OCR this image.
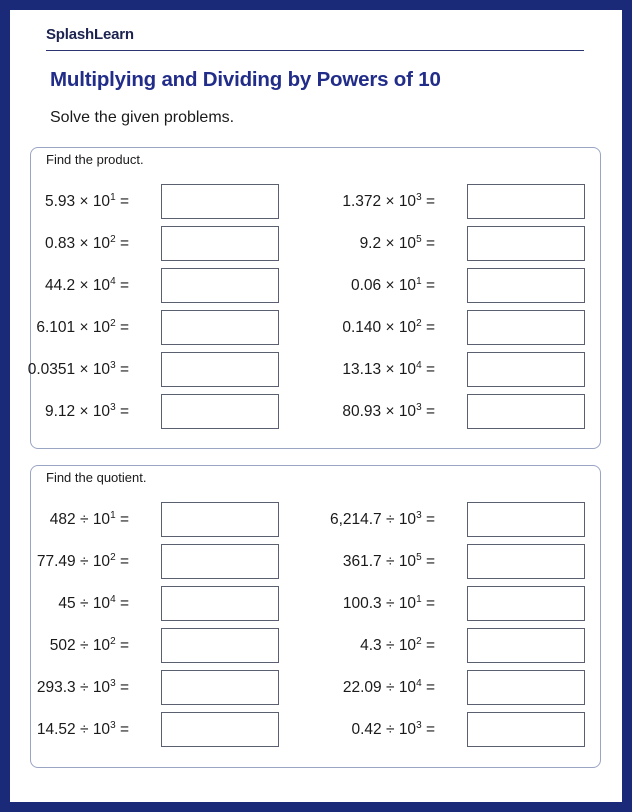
SplashLearn
Multiplying and Dividing by Powers of 10
Solve the given problems.
Find the product.
$5.93 \times 10^1$ =
$0.83 \times 10^2$ =
$44.2 \times 10^4$ =
$6.101 \times 10^2$ =
$0.0351 \times 10^3$ =
$9.12 \times 10^3$ =
$1.372 \times 10^3$ =
$9.2 \times 10^5$ =
$0.06 \times 10^1$ =
$0.140 \times 10^2$ =
$13.13 \times 10^4$ =
$80.93 \times 10^3$ =
Find the quotient.
$482 \div 10^1$ =
$77.49 \div 10^2$ =
$45 \div 10^4$ =
$502 \div 10^2$ =
$293.3 \div 10^3$ =
$14.52 \div 10^3$ =
$6,214.7 \div 10^3$ =
$361.7 \div 10^5$ =
$100.3 \div 10^1$ =
$4.3 \div 10^2$ =
$22.09 \div 10^4$ =
$0.42 \div 10^3$ =
